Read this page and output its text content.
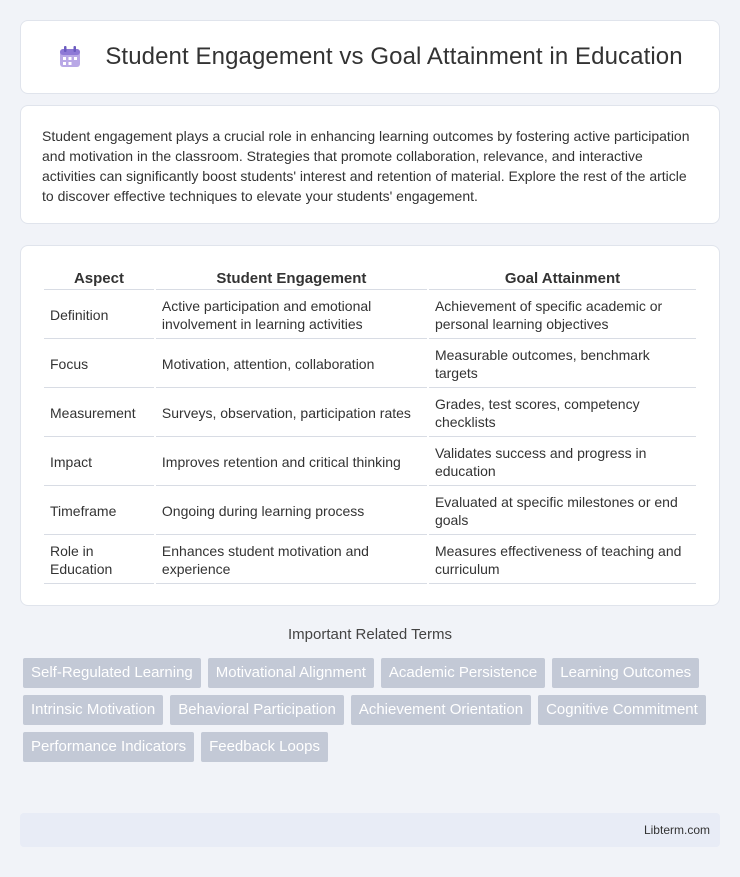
Student Engagement vs Goal Attainment in Education

Student engagement plays a crucial role in enhancing learning outcomes by fostering active participation and motivation in the classroom. Strategies that promote collaboration, relevance, and interactive activities can significantly boost students' interest and retention of material. Explore the rest of the article to discover effective techniques to elevate your students' engagement.

Aspect	Student Engagement	Goal Attainment
Definition	Active participation and emotional involvement in learning activities	Achievement of specific academic or personal learning objectives
Focus	Motivation, attention, collaboration	Measurable outcomes, benchmark targets
Measurement	Surveys, observation, participation rates	Grades, test scores, competency checklists
Impact	Improves retention and critical thinking	Validates success and progress in education
Timeframe	Ongoing during learning process	Evaluated at specific milestones or end goals
Role in Education	Enhances student motivation and experience	Measures effectiveness of teaching and curriculum
Important Related Terms
Self-Regulated Learning	Motivational Alignment	Academic Persistence	Learning Outcomes
Intrinsic Motivation	Behavioral Participation	Achievement Orientation	Cognitive Commitment
Performance Indicators	Feedback Loops
Libterm.com
